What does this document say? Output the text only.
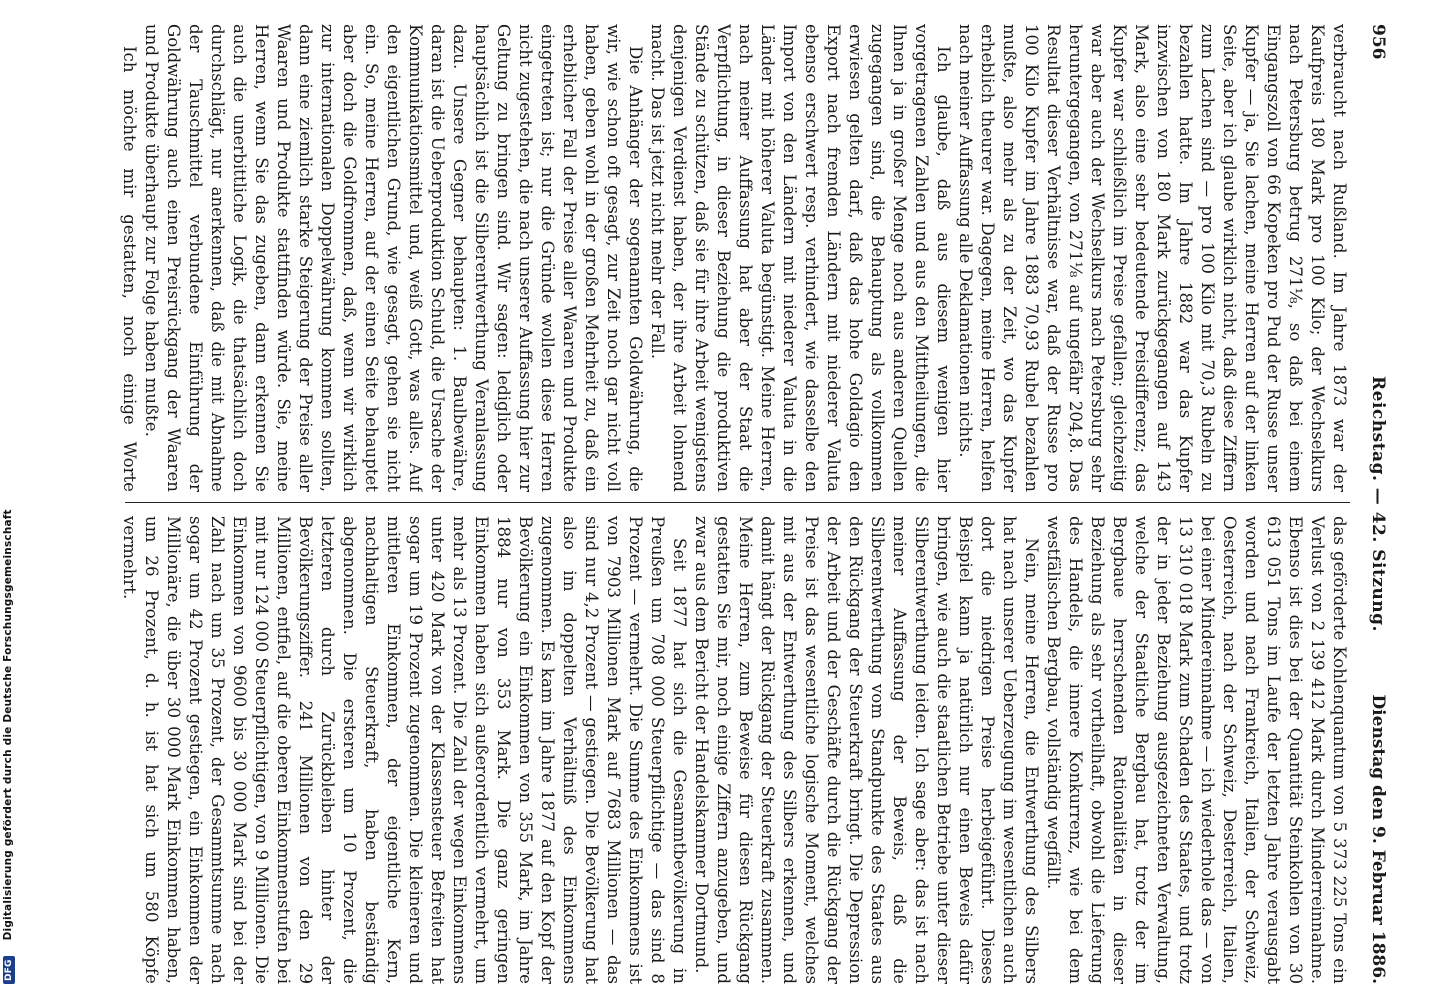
956
Reichstag. — 42. Sitzung.
Dienstag den 9. Februar 1886.

verbraucht nach Rußland. Im Jahre 1873 war der Kaufpreis 180 Mark pro 100 Kilo; der Wechselkurs nach Petersburg betrug 271⅛, so daß bei einem Eingangszoll von 66 Kopeken pro Pud der Russe unser Kupfer — ja, Sie lachen, meine Herren auf der linken Seite, aber ich glaube wirklich nicht, daß diese Ziffern zum Lachen sind — pro 100 Kilo mit 70,3 Rubeln zu bezahlen hatte. Im Jahre 1882 war das Kupfer inzwischen von 180 Mark zurückgegangen auf 143 Mark, also eine sehr bedeutende Preisdifferenz; das Kupfer war schließlich im Preise gefallen; gleichzeitig war aber auch der Wechselkurs nach Petersburg sehr heruntergegangen, von 271⅛ auf ungefähr 204,8. Das Resultat dieser Verhältnisse war, daß der Russe pro 100 Kilo Kupfer im Jahre 1883 70,93 Rubel bezahlen mußte, also mehr als zu der Zeit, wo das Kupfer erheblich theurer war. Dagegen, meine Herren, helfen nach meiner Auffassung alle Deklamationen nichts.

Ich glaube, daß aus diesem wenigen hier vorgetragenen Zahlen und aus den Mittheilungen, die Ihnen ja in großer Menge noch aus anderen Quellen zugegangen sind, die Behauptung als vollkommen erwiesen gelten darf, daß das hohe Goldagio den Export nach fremden Ländern mit niederer Valuta ebenso erschwert resp. verhindert, wie dasselbe den Import von den Ländern mit niederer Valuta in die Länder mit höherer Valuta begünstigt. Meine Herren, nach meiner Auffassung hat aber der Staat die Verpflichtung, in dieser Beziehung die produktiven Stände zu schützen, daß sie für ihre Arbeit wenigstens denjenigen Verdienst haben, der ihre Arbeit lohnend macht. Das ist jetzt nicht mehr der Fall.

Die Anhänger der sogenannten Goldwährung, die wir, wie schon oft gesagt, zur Zeit noch gar nicht voll haben, geben wohl in der großen Mehrheit zu, daß ein erheblicher Fall der Preise aller Waaren und Produkte eingetreten ist; nur die Gründe wollen diese Herren nicht zugestehen, die nach unserer Auffassung hier zur Geltung zu bringen sind. Wir sagen: lediglich oder hauptsächlich ist die Silberentwerthung Veranlassung dazu. Unsere Gegner behaupten: 1. Baulbewähre, daran ist die Ueberproduktion Schuld, die Ursache der Kommunikationsmittel und, weiß Gott, was alles. Auf den eigentlichen Grund, wie gesagt, gehen sie nicht ein. So, meine Herren, auf der einen Seite behauptet aber doch die Goldfrommen, daß, wenn wir wirklich zur internationalen Doppelwährung kommen sollten, dann eine ziemlich starke Steigerung der Preise aller Waaren und Produkte stattfinden würde. Sie, meine Herren, wenn Sie das zugeben, dann erkennen Sie auch die unerbittliche Logik, die thatsächlich doch durchschlägt, nur anerkennen, daß die mit Abnahme der Tauschmittel verbundene Einführung der Goldwährung auch einen Preisrückgang der Waaren und Produkte überhaupt zur Folge haben mußte.

Ich möchte mir gestatten, noch einige Worte

das geförderte Kohlenquantum von 5 373 225 Tons ein Verlust von 2 139 412 Mark durch Minderreinnahme. Ebenso ist dies bei der Quantität Steinkohlen von 30 613 051 Tons im Laufe der letzten Jahre verausgabt worden und nach Frankreich, Italien, der Schweiz, Oesterreich, nach der Schweiz, Desterreich, Italien, bei einer Mindereinnahme — ich wiederhole das — von 13 310 018 Mark zum Schaden des Staates, und trotz der in jeder Beziehung ausgezeichneten Verwaltung, welche der Staatliche Bergbau hat, trotz der im Bergbaue herrschenden Rationalitäten in dieser Beziehung als sehr vortheilhaft, obwohl die Lieferung des Handels, die innere Konkurrenz, wie bei dem westfälischen Bergbau, vollständig wegfällt.

Nein, meine Herren, die Entwerthung des Silbers hat nach unserer Ueberzeugung im wesentlichen auch dort die niedrigen Preise herbeigeführt. Dieses Beispiel kann ja natürlich nur einen Beweis dafür bringen, wie auch die staatlichen Betriebe unter dieser Silberentwerthung leiden. Ich sage aber: das ist nach meiner Auffassung der Beweis, daß die Silberentwerthung vom Standpunkte des Staates aus den Rückgang der Steuerkraft bringt. Die Depression der Arbeit und der Geschäfte durch die Rückgang der Preise ist das wesentliche logische Moment, welches mit aus der Entwerthung des Silbers erkennen, und damit hängt der Rückgang der Steuerkraft zusammen. Meine Herren, zum Beweise für diesen Rückgang gestatten Sie mir, noch einige Ziffern anzugeben, und zwar aus dem Bericht der Handelskammer Dortmund.

Seit 1877 hat sich die Gesammtbevölkerung in Preußen um 708 000 Steuerpflichtige — das sind 8 Prozent — vermehrt. Die Summe des Einkommens ist von 7903 Millionen Mark auf 7683 Millionen — das sind nur 4,2 Prozent — gestiegen. Die Bevölkerung hat also im doppelten Verhältniß des Einkommens zugenommen. Es kam im Jahre 1877 auf den Kopf der Bevölkerung ein Einkommen von 355 Mark, im Jahre 1884 nur von 353 Mark. Die ganz geringen Einkommen haben sich außerordentlich vermehrt, um mehr als 13 Prozent. Die Zahl der wegen Einkommens unter 420 Mark von der Klassensteuer Befreiten hat sogar um 19 Prozent zugenommen. Die kleineren und mittleren Einkommen, der eigentliche Kern, nachhaltigen Steuerkraft, haben beständig abgenommen. Die ersteren um 10 Prozent, die letzteren durch Zurückbleiben hinter der Bevölkerungsziffer. 241 Millionen von den 29 Millionen, entfiel, auf die oberen Einkommenstufen bei mit nur 124 000 Steuerpflichtigen, von 9 Millionen. Die Einkommen von 9600 bis 30 000 Mark sind bei der Zahl nach um 35 Prozent, der Gesammtsumme nach sogar um 42 Prozent gestiegen, ein Einkommen der Millionäre, die über 30 000 Mark Einkommen haben, um 26 Prozent, d. h. ist hat sich um 580 Köpfe vermehrt.

DFGDigitalisierung gefördert durch die Deutsche Forschungsgemeinschaft
